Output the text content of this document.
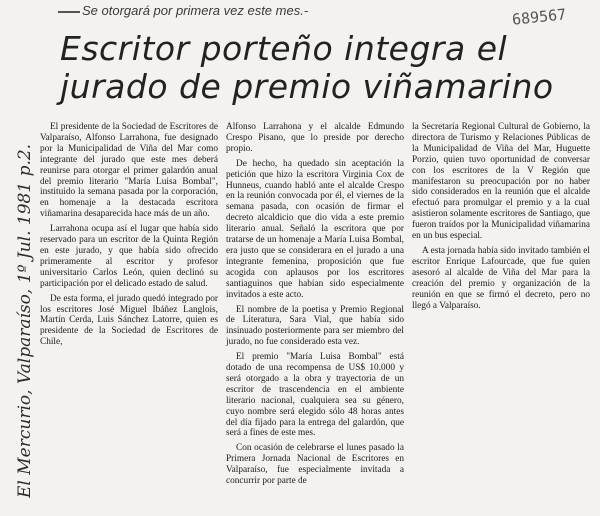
Se otorgará por primera vez este mes.-	689567
El Mercurio, Valparaíso, 1º Jul. 1981 p.2.
Escritor porteño integra el jurado de premio viñamarino

El presidente de la Sociedad de Escritores de Valparaíso, Alfonso Larrahona, fue designado por la Municipalidad de Viña del Mar como integrante del jurado que este mes deberá reunirse para otorgar el primer galardón anual del premio literario "María Luisa Bombal", instituido la semana pasada por la corporación, en homenaje a la destacada escritora viñamarina desaparecida hace más de un año.

Larrahona ocupa así el lugar que había sido reservado para un escritor de la Quinta Región en este jurado, y que había sido ofrecido primeramente al escritor y profesor universitario Carlos León, quien declinó su participación por el delicado estado de salud.

De esta forma, el jurado quedó integrado por los escritores José Miguel Ibáñez Langlois, Martín Cerda, Luis Sánchez Latorre, quien es presidente de la Sociedad de Escritores de Chile,

Alfonso Larrahona y el alcalde Edmundo Crespo Pisano, que lo preside por derecho propio.

De hecho, ha quedado sin aceptación la petición que hizo la escritora Virginia Cox de Hunneus, cuando habló ante el alcalde Crespo en la reunión convocada por él, el viernes de la semana pasada, con ocasión de firmar el decreto alcaldicio que dio vida a este premio literario anual. Señaló la escritora que por tratarse de un homenaje a María Luisa Bombal, era justo que se considerara en el jurado a una integrante femenina, proposición que fue acogida con aplausos por los escritores santiaguinos que habían sido especialmente invitados a este acto.

El nombre de la poetisa y Premio Regional de Literatura, Sara Vial, que había sido insinuado posteriormente para ser miembro del jurado, no fue considerado esta vez.

El premio "María Luisa Bombal" está dotado de una recompensa de US$ 10.000 y será otorgado a la obra y trayectoria de un escritor de trascendencia en el ambiente literario nacional, cualquiera sea su género, cuyo nombre será elegido sólo 48 horas antes del día fijado para la entrega del galardón, que será a fines de este mes.

Con ocasión de celebrarse el lunes pasado la Primera Jornada Nacional de Escritores en Valparaíso, fue especialmente invitada a concurrir por parte de

la Secretaría Regional Cultural de Gobierno, la directora de Turismo y Relaciones Públicas de la Municipalidad de Viña del Mar, Huguette Porzio, quien tuvo oportunidad de conversar con los escritores de la V Región que manifestaron su preocupación por no haber sido considerados en la reunión que el alcalde efectuó para promulgar el premio y a la cual asistieron solamente escritores de Santiago, que fueron traídos por la Municipalidad viñamarina en un bus especial.

A esta jornada había sido invitado también el escritor Enrique Lafourcade, que fue quien asesoró al alcalde de Viña del Mar para la creación del premio y organización de la reunión en que se firmó el decreto, pero no llegó a Valparaíso.
